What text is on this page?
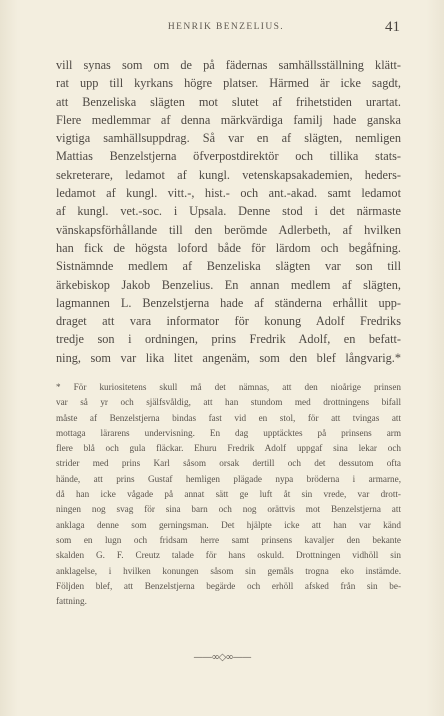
HENRIK BENZELIUS.	41
vill synas som om de på fädernas samhällsställning klätt-
rat upp till kyrkans högre platser. Härmed är icke sagdt,
att Benzeliska slägten mot slutet af frihetstiden urartat.
Flere medlemmar af denna märkvärdiga familj hade ganska
vigtiga samhällsuppdrag. Så var en af slägten, nemligen
Mattias Benzelstjerna öfverpostdirektör och tillika stats-
sekreterare, ledamot af kungl. vetenskapsakademien, heders-
ledamot af kungl. vitt.-, hist.- och ant.-akad. samt ledamot
af kungl. vet.-soc. i Upsala. Denne stod i det närmaste
vänskapsförhållande till den berömde Adlerbeth, af hvilken
han fick de högsta loford både för lärdom och begåfning.
Sistnämnde medlem af Benzeliska slägten var son till
ärkebiskop Jakob Benzelius. En annan medlem af slägten,
lagmannen L. Benzelstjerna hade af ständerna erhållit upp-
draget att vara informator för konung Adolf Fredriks
tredje son i ordningen, prins Fredrik Adolf, en befatt-
ning, som var lika litet angenäm, som den blef långvarig.*
* För kuriositetens skull må det nämnas, att den nioårige prinsen
var så yr och själfsvåldig, att han stundom med drottningens bifall
måste af Benzelstjerna bindas fast vid en stol, för att tvingas att
mottaga lärarens undervisning. En dag upptäcktes på prinsens arm
flere blå och gula fläckar. Ehuru Fredrik Adolf uppgaf sina lekar och
strider med prins Karl såsom orsak dertill och det dessutom ofta
hände, att prins Gustaf hemligen plägade nypa bröderna i armarne,
då han icke vågade på annat sätt ge luft åt sin vrede, var drott-
ningen nog svag för sina barn och nog orättvis mot Benzelstjerna att
anklaga denne som gerningsman. Det hjälpte icke att han var känd
som en lugn och fridsam herre samt prinsens kavaljer den bekante
skalden G. F. Creutz talade för hans oskuld. Drottningen vidhöll sin
anklagelse, i hvilken konungen såsom sin gemåls trogna eko instämde.
Följden blef, att Benzelstjerna begärde och erhöll afsked från sin be-
fattning.
——∞◇∞——
